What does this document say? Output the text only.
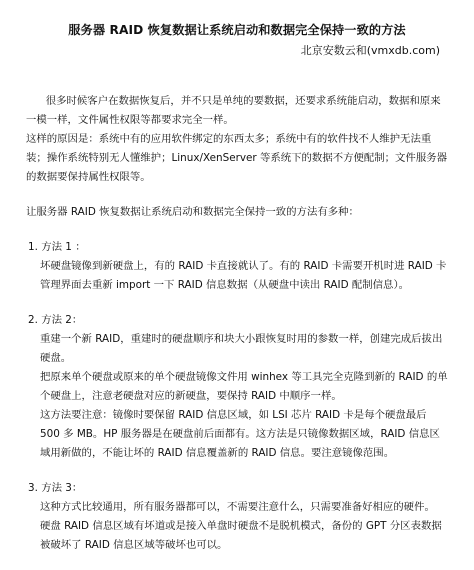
服务器 RAID 恢复数据让系统启动和数据完全保持一致的方法

北京安数云和(vmxdb.com)

很多时候客户在数据恢复后，并不只是单纯的要数据，还要求系统能启动，数据和原来一模一样，文件属性权限等都要求完全一样。

这样的原因是：系统中有的应用软件绑定的东西太多；系统中有的软件找不人维护无法重装；操作系统特别无人懂维护；Linux/XenServer 等系统下的数据不方便配制；文件服务器的数据要保持属性权限等。

让服务器 RAID 恢复数据让系统启动和数据完全保持一致的方法有多种：

1. 方法 1 ：

坏硬盘镜像到新硬盘上，有的 RAID 卡直接就认了。有的 RAID 卡需要开机时进 RAID 卡管理界面去重新 import 一下 RAID 信息数据（从硬盘中读出 RAID 配制信息）。

2. 方法 2：

重建一个新 RAID，重建时的硬盘顺序和块大小跟恢复时用的参数一样，创建完成后拔出硬盘。

把原来单个硬盘或原来的单个硬盘镜像文件用 winhex 等工具完全克隆到新的 RAID 的单个硬盘上，注意老硬盘对应的新硬盘，要保持 RAID 中顺序一样。

这方法要注意：镜像时要保留 RAID 信息区域，如 LSI 芯片 RAID 卡是每个硬盘最后 500 多 MB。HP 服务器是在硬盘前后面都有。这方法是只镜像数据区域，RAID 信息区域用新做的，不能让坏的 RAID 信息覆盖新的 RAID 信息。要注意镜像范围。

3. 方法 3：

这种方式比较通用，所有服务器都可以，不需要注意什么，只需要准备好相应的硬件。

硬盘 RAID 信息区域有坏道或是接入单盘时硬盘不是脱机模式，备份的 GPT 分区表数据被破坏了 RAID 信息区域等破坏也可以。
